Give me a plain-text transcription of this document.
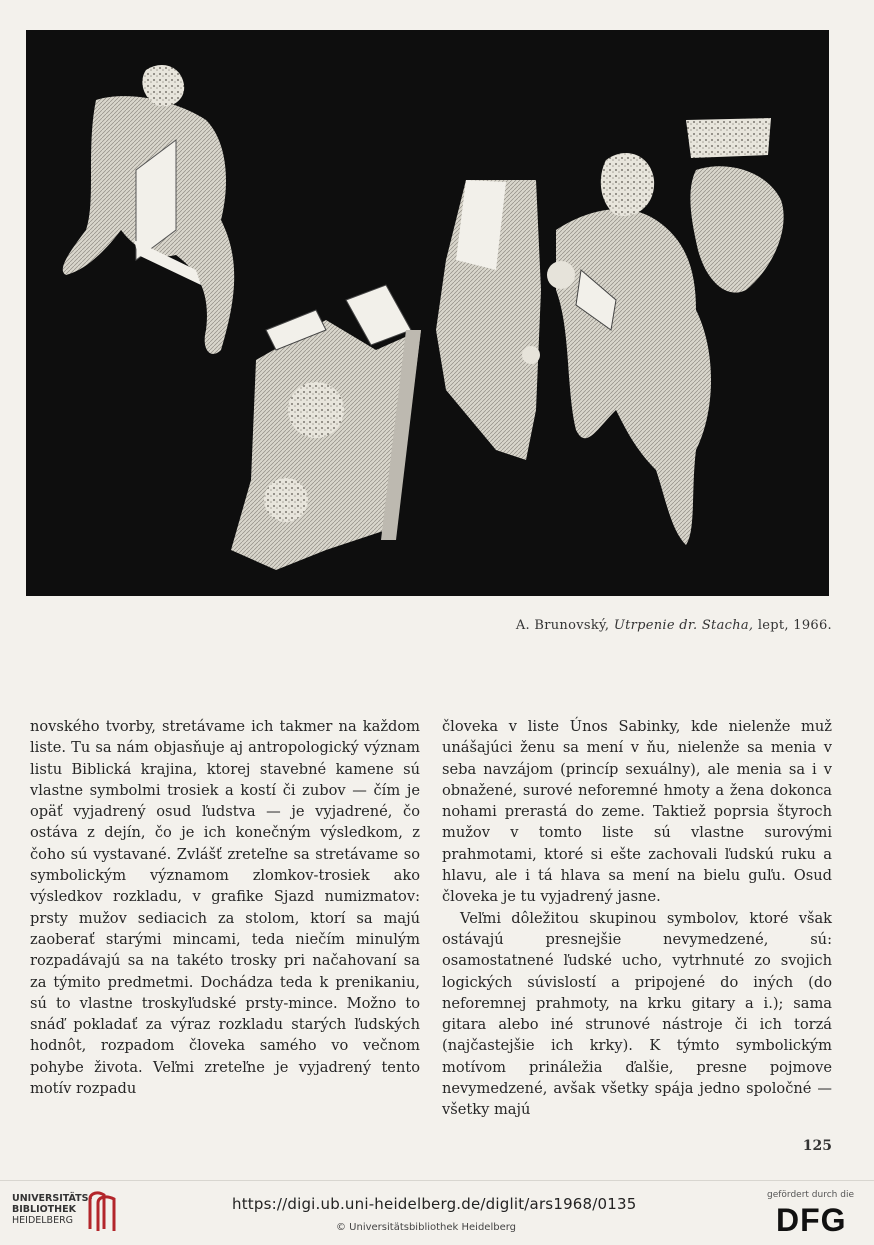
A. Brunovský, Utrpenie dr. Stacha, lept, 1966.

novského tvorby, stretávame ich takmer na každom liste. Tu sa nám objasňuje aj antropologický význam listu Biblická krajina, ktorej stavebné kamene sú vlastne symbolmi trosiek a kostí či zubov — čím je opäť vyjadrený osud ľudstva — je vyjadrené, čo ostáva z dejín, čo je ich konečným výsledkom, z čoho sú vystavané. Zvlášť zreteľne sa stretávame so symbolickým významom zlomkov-trosiek ako výsledkov rozkladu, v grafike Sjazd numizmatov: prsty mužov sediacich za stolom, ktorí sa majú zaoberať starými mincami, teda niečím minulým rozpadávajú sa na takéto trosky pri načahovaní sa za týmito predmetmi. Dochádza teda k prenikaniu, sú to vlastne troskyľudské prsty-mince. Možno to snáď pokladať za výraz rozkladu starých ľudských hodnôt, rozpadom človeka samého vo večnom pohybe života. Veľmi zreteľne je vyjadrený tento motív rozpadu

človeka v liste Únos Sabinky, kde nielenže muž unášajúci ženu sa mení v ňu, nielenže sa menia v seba navzájom (princíp sexuálny), ale menia sa i v obnažené, surové neforemné hmoty a žena dokonca nohami prerastá do zeme. Taktiež poprsia štyroch mužov v tomto liste sú vlastne surovými prahmotami, ktoré si ešte zachovali ľudskú ruku a hlavu, ale i tá hlava sa mení na bielu guľu. Osud človeka je tu vyjadrený jasne.

Veľmi dôležitou skupinou symbolov, ktoré však ostávajú presnejšie nevymedzené, sú: osamostatnené ľudské ucho, vytrhnuté zo svojich logických súvislostí a pripojené do iných (do neforemnej prahmoty, na krku gitary a i.); sama gitara alebo iné strunové nástroje či ich torzá (najčastejšie ich krky). K týmto symbolickým motívom prináležia ďalšie, presne pojmove nevymedzené, avšak všetky spája jedno spoločné — všetky majú

125
UNIVERSITÄTS-
BIBLIOTHEK
HEIDELBERG
https://digi.ub.uni-heidelberg.de/diglit/ars1968/0135
© Universitätsbibliothek Heidelberg
gefördert durch die
DFG
